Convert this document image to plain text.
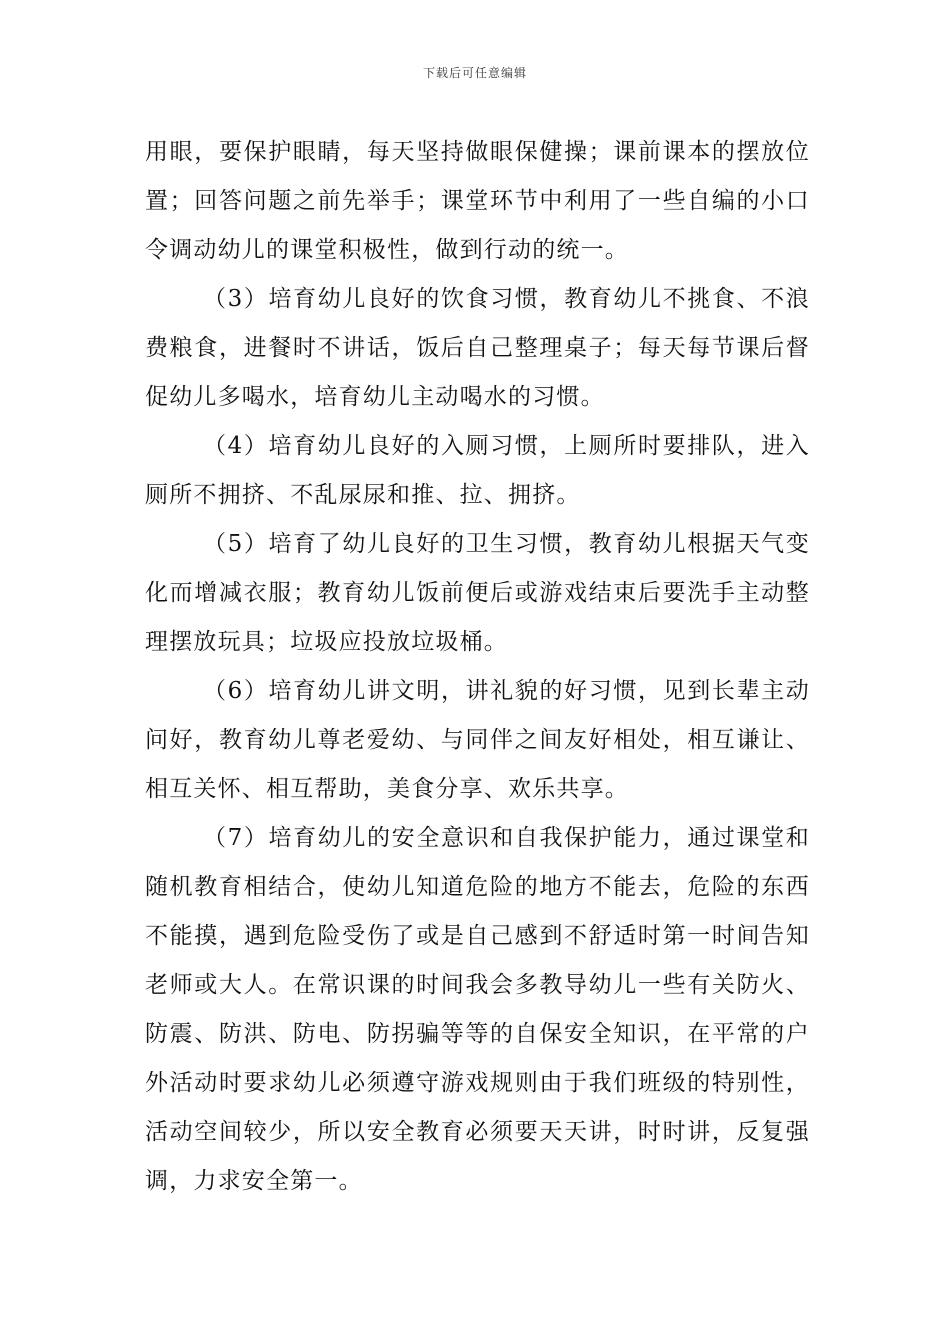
下载后可任意编辑

用眼，要保护眼睛，每天坚持做眼保健操；课前课本的摆放位置；回答问题之前先举手；课堂环节中利用了一些自编的小口令调动幼儿的课堂积极性，做到行动的统一。

（3）培育幼儿良好的饮食习惯，教育幼儿不挑食、不浪费粮食，进餐时不讲话，饭后自己整理桌子；每天每节课后督促幼儿多喝水，培育幼儿主动喝水的习惯。

（4）培育幼儿良好的入厕习惯，上厕所时要排队，进入厕所不拥挤、不乱尿尿和推、拉、拥挤。

（5）培育了幼儿良好的卫生习惯，教育幼儿根据天气变化而增减衣服；教育幼儿饭前便后或游戏结束后要洗手主动整理摆放玩具；垃圾应投放垃圾桶。

（6）培育幼儿讲文明，讲礼貌的好习惯，见到长辈主动问好，教育幼儿尊老爱幼、与同伴之间友好相处，相互谦让、相互关怀、相互帮助，美食分享、欢乐共享。

（7）培育幼儿的安全意识和自我保护能力，通过课堂和随机教育相结合，使幼儿知道危险的地方不能去，危险的东西不能摸，遇到危险受伤了或是自己感到不舒适时第一时间告知老师或大人。在常识课的时间我会多教导幼儿一些有关防火、防震、防洪、防电、防拐骗等等的自保安全知识，在平常的户外活动时要求幼儿必须遵守游戏规则由于我们班级的特别性，活动空间较少，所以安全教育必须要天天讲，时时讲，反复强调，力求安全第一。
